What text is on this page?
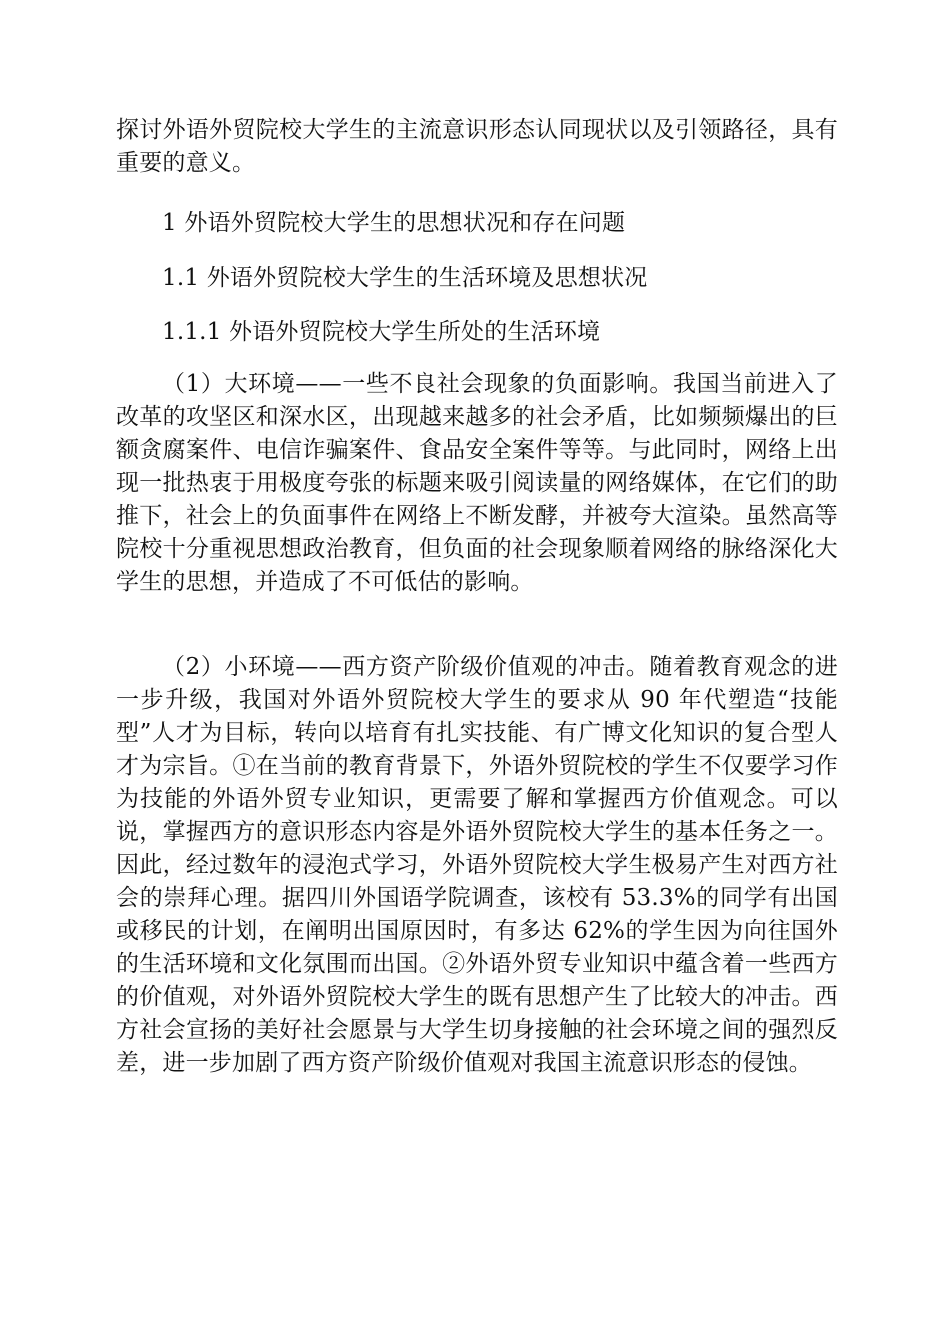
探讨外语外贸院校大学生的主流意识形态认同现状以及引领路径，具有重要的意义。

1 外语外贸院校大学生的思想状况和存在问题

1.1 外语外贸院校大学生的生活环境及思想状况

1.1.1 外语外贸院校大学生所处的生活环境

（1）大环境——一些不良社会现象的负面影响。我国当前进入了改革的攻坚区和深水区，出现越来越多的社会矛盾，比如频频爆出的巨额贪腐案件、电信诈骗案件、食品安全案件等等。与此同时，网络上出现一批热衷于用极度夸张的标题来吸引阅读量的网络媒体，在它们的助推下，社会上的负面事件在网络上不断发酵，并被夸大渲染。虽然高等院校十分重视思想政治教育，但负面的社会现象顺着网络的脉络深化大学生的思想，并造成了不可低估的影响。

（2）小环境——西方资产阶级价值观的冲击。随着教育观念的进一步升级，我国对外语外贸院校大学生的要求从 90 年代塑造“技能型”人才为目标，转向以培育有扎实技能、有广博文化知识的复合型人才为宗旨。①在当前的教育背景下，外语外贸院校的学生不仅要学习作为技能的外语外贸专业知识，更需要了解和掌握西方价值观念。可以说，掌握西方的意识形态内容是外语外贸院校大学生的基本任务之一。因此，经过数年的浸泡式学习，外语外贸院校大学生极易产生对西方社会的崇拜心理。据四川外国语学院调查，该校有 53.3%的同学有出国或移民的计划，在阐明出国原因时，有多达 62%的学生因为向往国外的生活环境和文化氛围而出国。②外语外贸专业知识中蕴含着一些西方的价值观，对外语外贸院校大学生的既有思想产生了比较大的冲击。西方社会宣扬的美好社会愿景与大学生切身接触的社会环境之间的强烈反差，进一步加剧了西方资产阶级价值观对我国主流意识形态的侵蚀。
